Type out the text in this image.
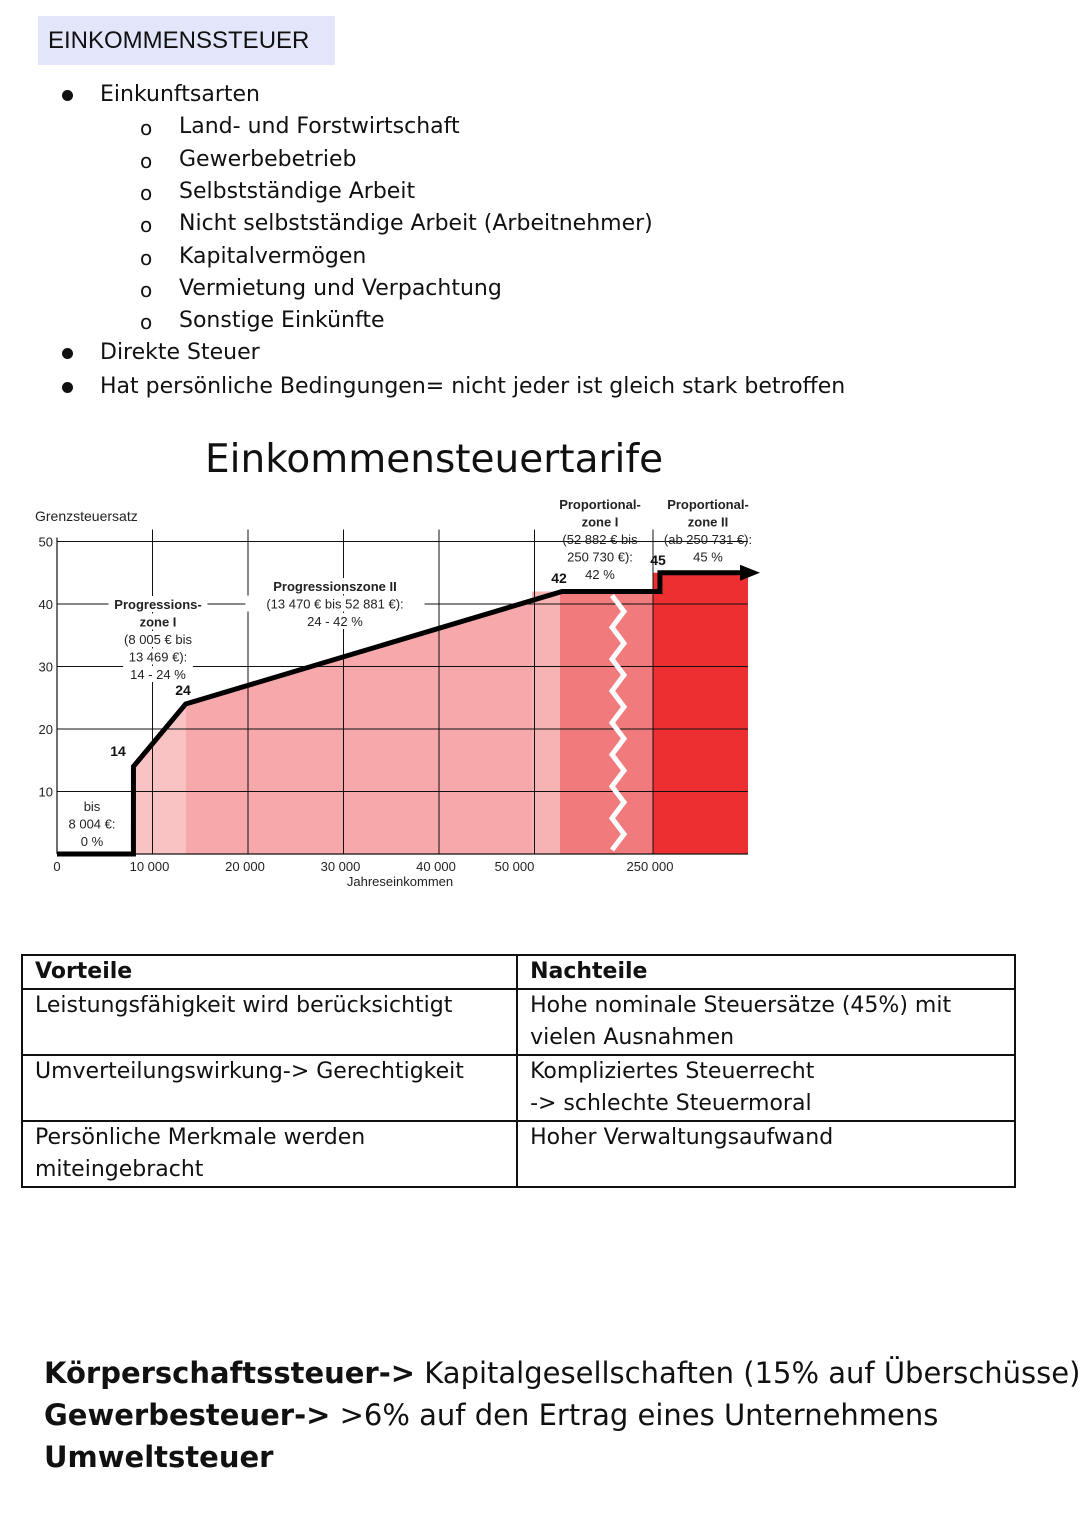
EINKOMMENSSTEUER
Einkunftsarten
o Land- und Forstwirtschaft
o Gewerbebetrieb
o Selbstständige Arbeit
o Nicht selbstständige Arbeit (Arbeitnehmer)
o Kapitalvermögen
o Vermietung und Verpachtung
o Sonstige Einkünfte
Direkte Steuer
Hat persönliche Bedingungen= nicht jeder ist gleich stark betroffen
Einkommensteuertarife
0
10
20
30
40
50
10 000	20 000	30 000	40 000	50 000	250 000
Grenzsteuersatz
Jahreseinkommen
14
24
42
45
bis
8 004 €:
0 %
Progressions-
zone I
(8 005 € bis
13 469 €):
14 - 24 %
Progressionszone II
(13 470 € bis 52 881 €):
24 - 42 %
Proportional-
zone I
(52 882 € bis
250 730 €):
42 %
Proportional-
zone II
(ab 250 731 €):
45 %
Vorteile	Nachteile
Leistungsfähigkeit wird berücksichtigt	Hohe nominale Steuersätze (45%) mit
vielen Ausnahmen
Umverteilungswirkung-> Gerechtigkeit	Kompliziertes Steuerrecht
-> schlechte Steuermoral
Persönliche Merkmale werden
miteingebracht	Hoher Verwaltungsaufwand
Körperschaftssteuer-> Kapitalgesellschaften (15% auf Überschüsse)
Gewerbesteuer-> >6% auf den Ertrag eines Unternehmens
Umweltsteuer
